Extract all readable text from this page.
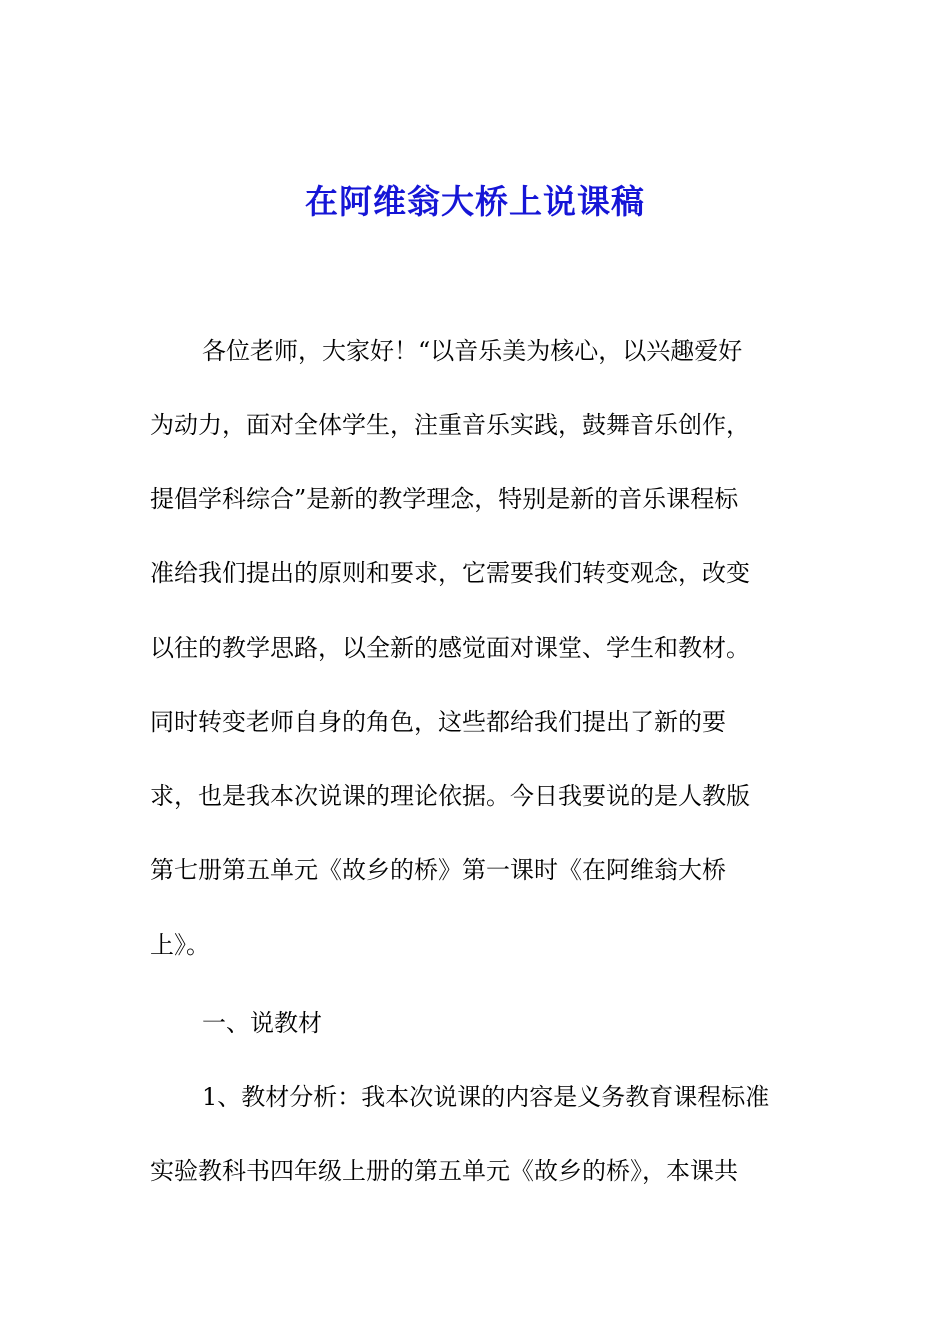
在阿维翁大桥上说课稿
各位老师，大家好！“以音乐美为核心，以兴趣爱好
为动力，面对全体学生，注重音乐实践，鼓舞音乐创作，
提倡学科综合”是新的教学理念，特别是新的音乐课程标
准给我们提出的原则和要求，它需要我们转变观念，改变
以往的教学思路，以全新的感觉面对课堂、学生和教材。
同时转变老师自身的角色，这些都给我们提出了新的要
求，也是我本次说课的理论依据。今日我要说的是人教版
第七册第五单元《故乡的桥》第一课时《在阿维翁大桥
上》。
一、说教材
1、教材分析：我本次说课的内容是义务教育课程标准
实验教科书四年级上册的第五单元《故乡的桥》，本课共
